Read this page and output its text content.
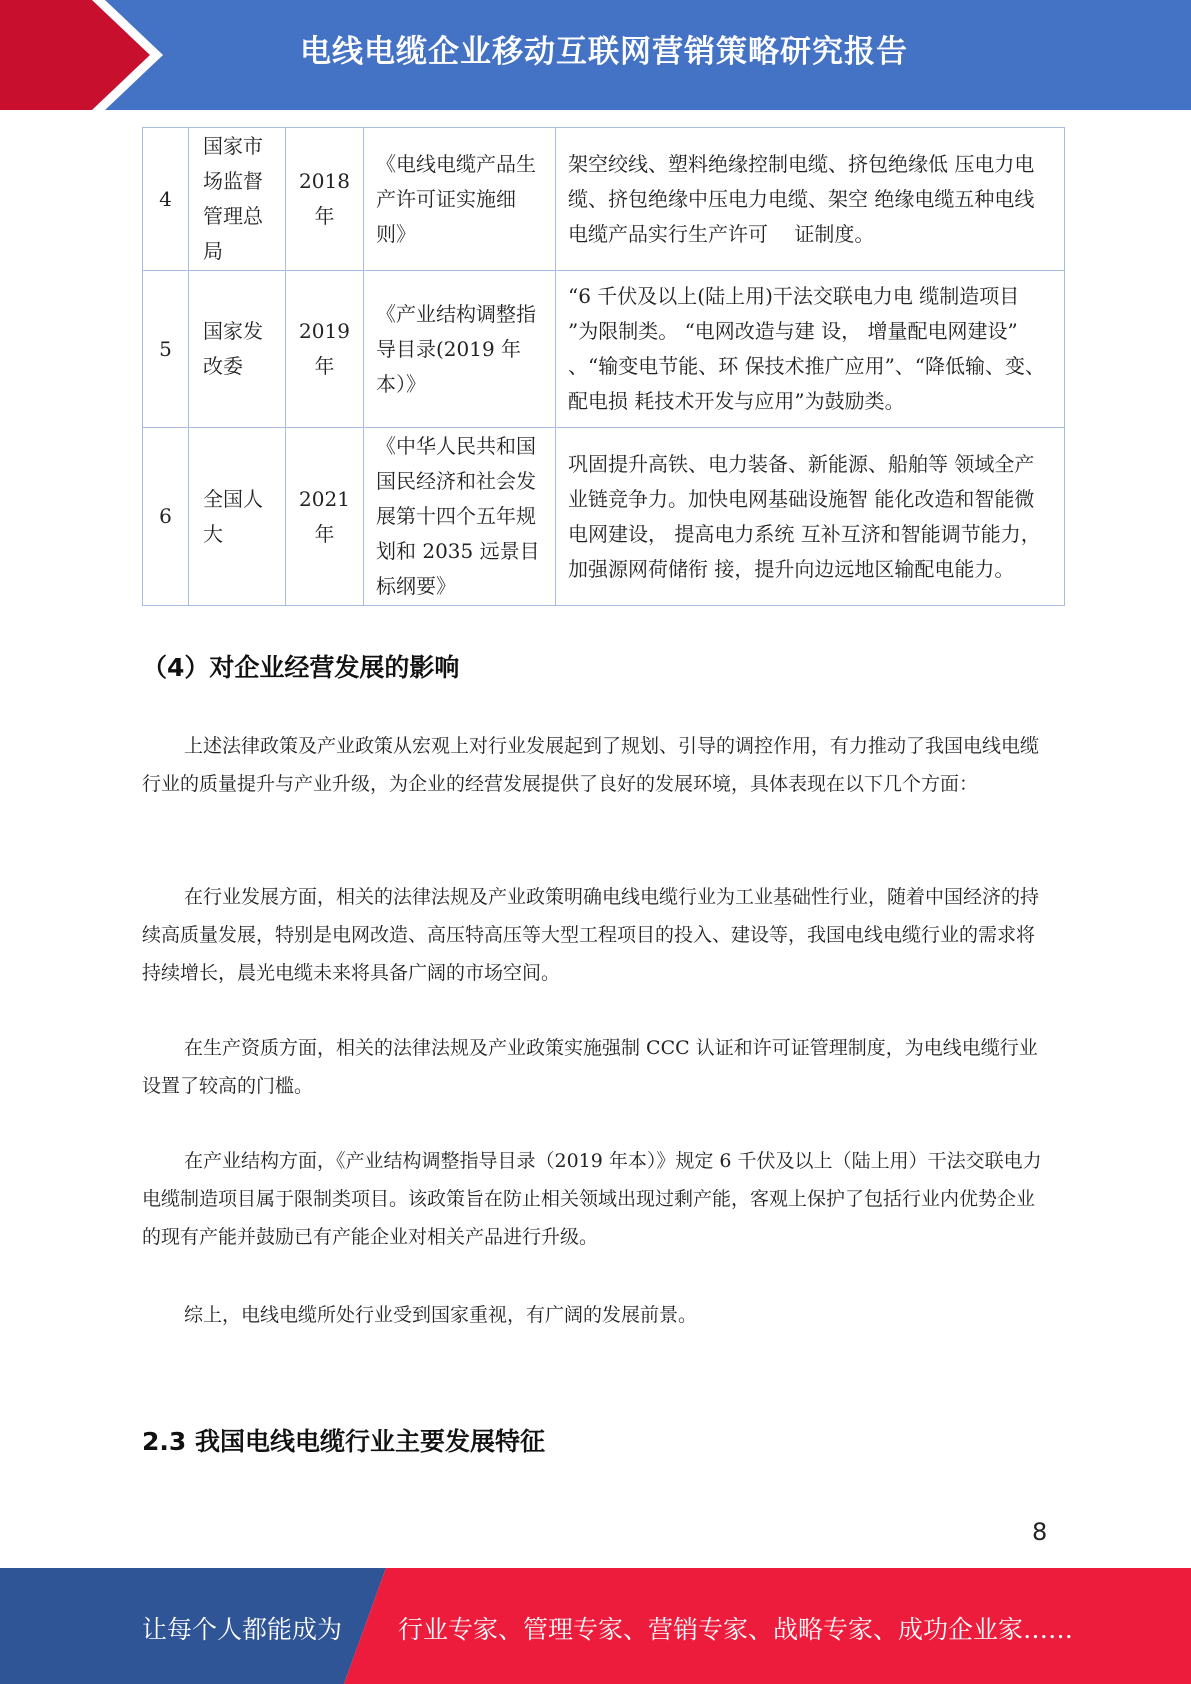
电线电缆企业移动互联网营销策略研究报告
4	国家市场监督管理总局	2018 年	《电线电缆产品生产许可证实施细则》	架空绞线、塑料绝缘控制电缆、挤包绝缘低 压电力电缆、挤包绝缘中压电力电缆、架空 绝缘电缆五种电线电缆产品实行生产许可　 证制度。
5	国家发改委	2019 年	《产业结构调整指导目录(2019 年本）》	“6 千伏及以上(陆上用)干法交联电力电 缆制造项目 ”为限制类。 “电网改造与建 设， 增量配电网建设” 、“输变电节能、环 保技术推广应用”、“降低输、变、配电损 耗技术开发与应用”为鼓励类。
6	全国人大	2021 年	《中华人民共和国国民经济和社会发展第十四个五年规划和 2035 远景目标纲要》	巩固提升高铁、电力装备、新能源、船舶等 领域全产业链竞争力。加快电网基础设施智 能化改造和智能微电网建设， 提高电力系统 互补互济和智能调节能力，加强源网荷储衔 接，提升向边远地区输配电能力。
（4）对企业经营发展的影响

上述法律政策及产业政策从宏观上对行业发展起到了规划、引导的调控作用，有力推动了我国电线电缆行业的质量提升与产业升级，为企业的经营发展提供了良好的发展环境，具体表现在以下几个方面：

在行业发展方面，相关的法律法规及产业政策明确电线电缆行业为工业基础性行业，随着中国经济的持续高质量发展，特别是电网改造、高压特高压等大型工程项目的投入、建设等，我国电线电缆行业的需求将持续增长，晨光电缆未来将具备广阔的市场空间。

在生产资质方面，相关的法律法规及产业政策实施强制 CCC 认证和许可证管理制度，为电线电缆行业设置了较高的门槛。

在产业结构方面，《产业结构调整指导目录（2019 年本）》规定 6 千伏及以上（陆上用）干法交联电力电缆制造项目属于限制类项目。该政策旨在防止相关领域出现过剩产能，客观上保护了包括行业内优势企业的现有产能并鼓励已有产能企业对相关产品进行升级。

综上，电线电缆所处行业受到国家重视，有广阔的发展前景。

2.3 我国电线电缆行业主要发展特征
8
让每个人都能成为 行业专家、管理专家、营销专家、战略专家、成功企业家……
